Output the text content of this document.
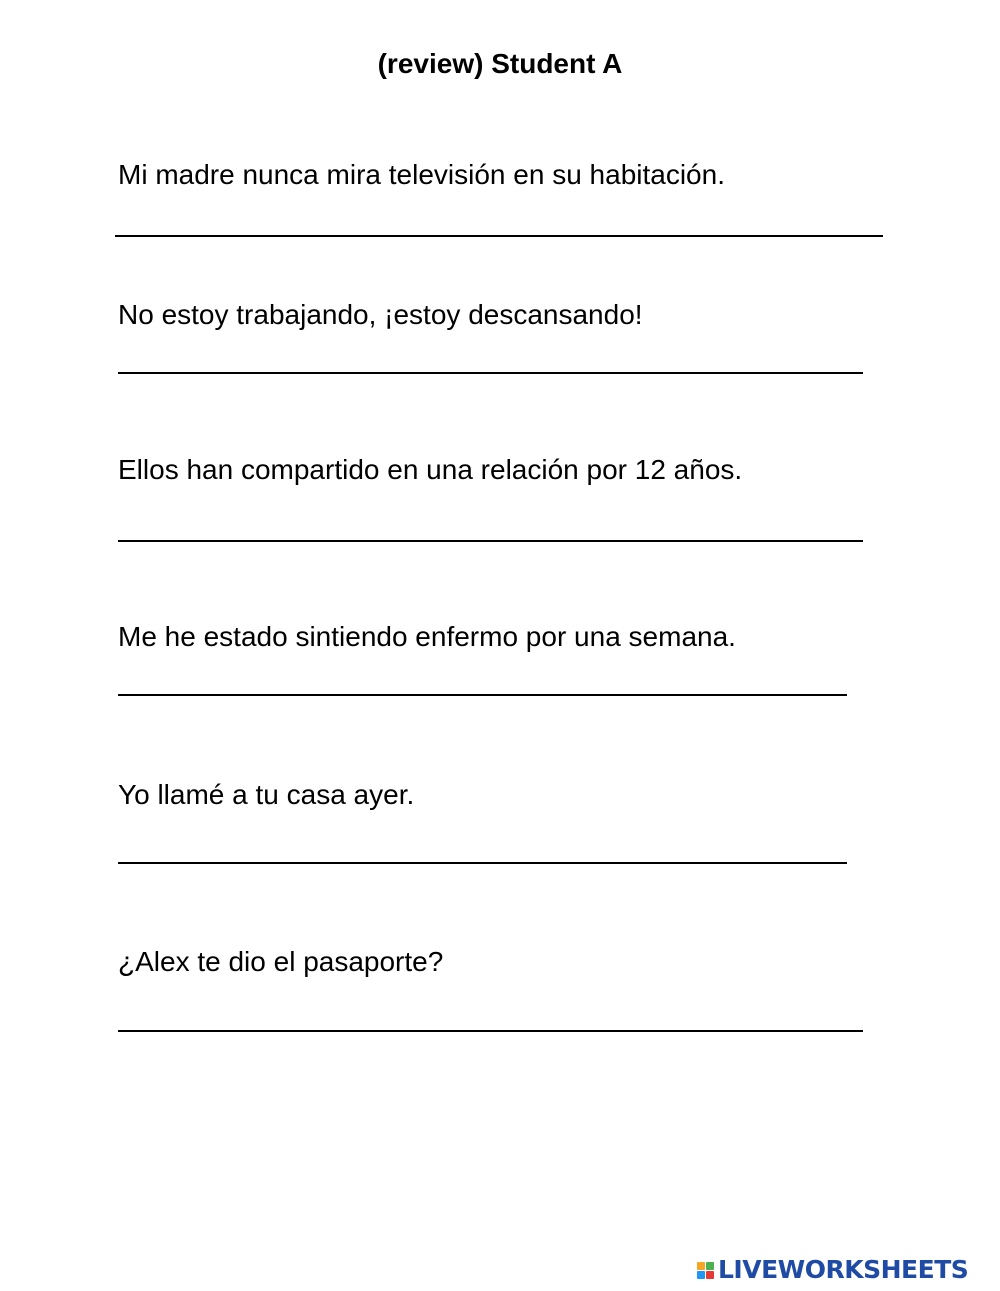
(review) Student A
Mi madre nunca mira televisión en su habitación.
No estoy trabajando, ¡estoy descansando!
Ellos han compartido en una relación por 12 años.
Me he estado sintiendo enfermo por una semana.
Yo llamé a tu casa ayer.
¿Alex te dio el pasaporte?
LIVEWORKSHEETS
